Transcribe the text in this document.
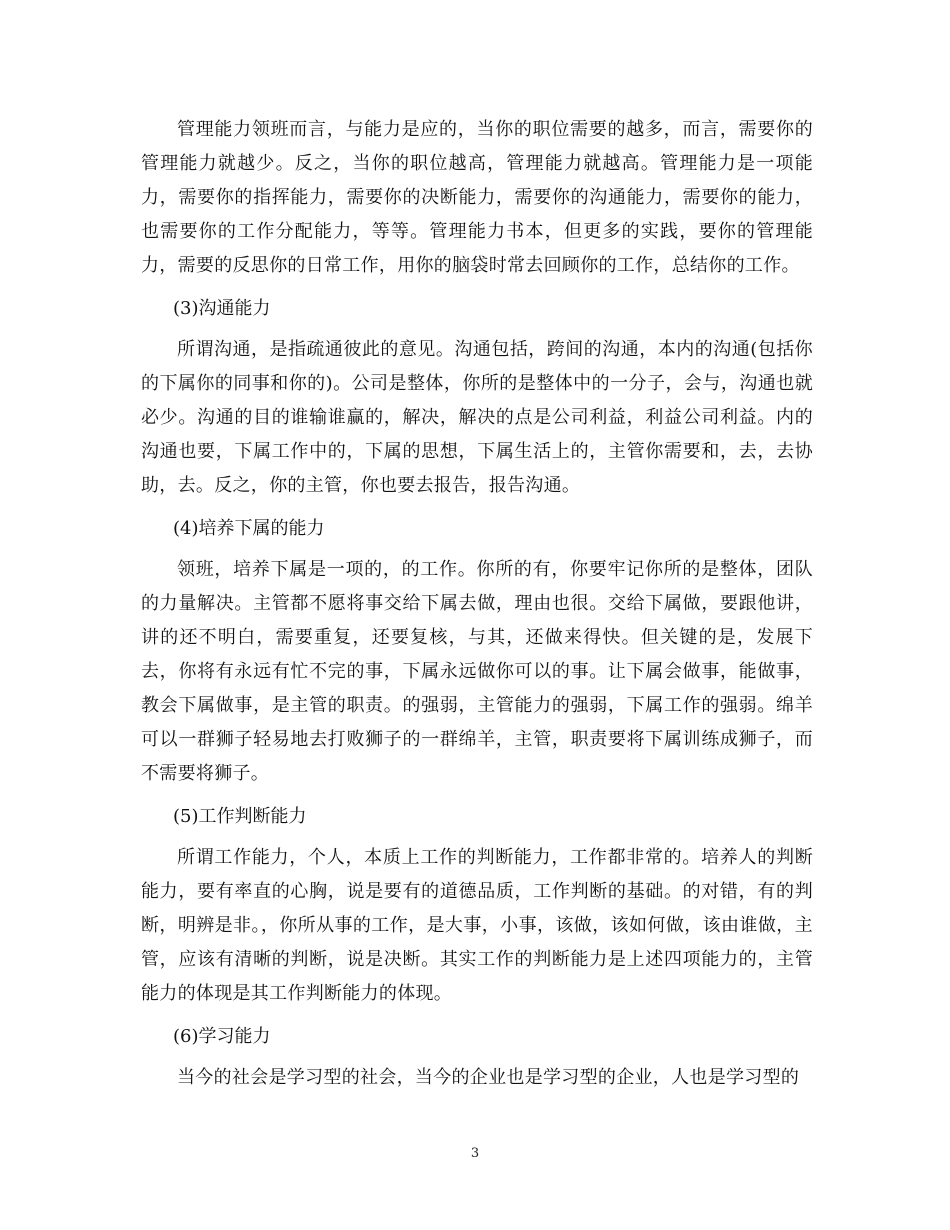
管理能力领班而言，与能力是应的，当你的职位需要的越多，而言，需要你的管理能力就越少。反之，当你的职位越高，管理能力就越高。管理能力是一项能力，需要你的指挥能力，需要你的决断能力，需要你的沟通能力，需要你的能力，也需要你的工作分配能力，等等。管理能力书本，但更多的实践，要你的管理能力，需要的反思你的日常工作，用你的脑袋时常去回顾你的工作，总结你的工作。

(3)沟通能力

所谓沟通，是指疏通彼此的意见。沟通包括，跨间的沟通，本内的沟通(包括你的下属你的同事和你的)。公司是整体，你所的是整体中的一分子，会与，沟通也就必少。沟通的目的谁输谁赢的，解决，解决的点是公司利益，利益公司利益。内的沟通也要，下属工作中的，下属的思想，下属生活上的，主管你需要和，去，去协助，去。反之，你的主管，你也要去报告，报告沟通。

(4)培养下属的能力

领班，培养下属是一项的，的工作。你所的有，你要牢记你所的是整体，团队的力量解决。主管都不愿将事交给下属去做，理由也很。交给下属做，要跟他讲，讲的还不明白，需要重复，还要复核，与其，还做来得快。但关键的是，发展下去，你将有永远有忙不完的事，下属永远做你可以的事。让下属会做事，能做事，教会下属做事，是主管的职责。的强弱，主管能力的强弱，下属工作的强弱。绵羊可以一群狮子轻易地去打败狮子的一群绵羊，主管，职责要将下属训练成狮子，而不需要将狮子。

(5)工作判断能力

所谓工作能力，个人，本质上工作的判断能力，工作都非常的。培养人的判断能力，要有率直的心胸，说是要有的道德品质，工作判断的基础。的对错，有的判断，明辨是非。，你所从事的工作，是大事，小事，该做，该如何做，该由谁做，主管，应该有清晰的判断，说是决断。其实工作的判断能力是上述四项能力的，主管能力的体现是其工作判断能力的体现。

(6)学习能力

当今的社会是学习型的社会，当今的企业也是学习型的企业，人也是学习型的

3
